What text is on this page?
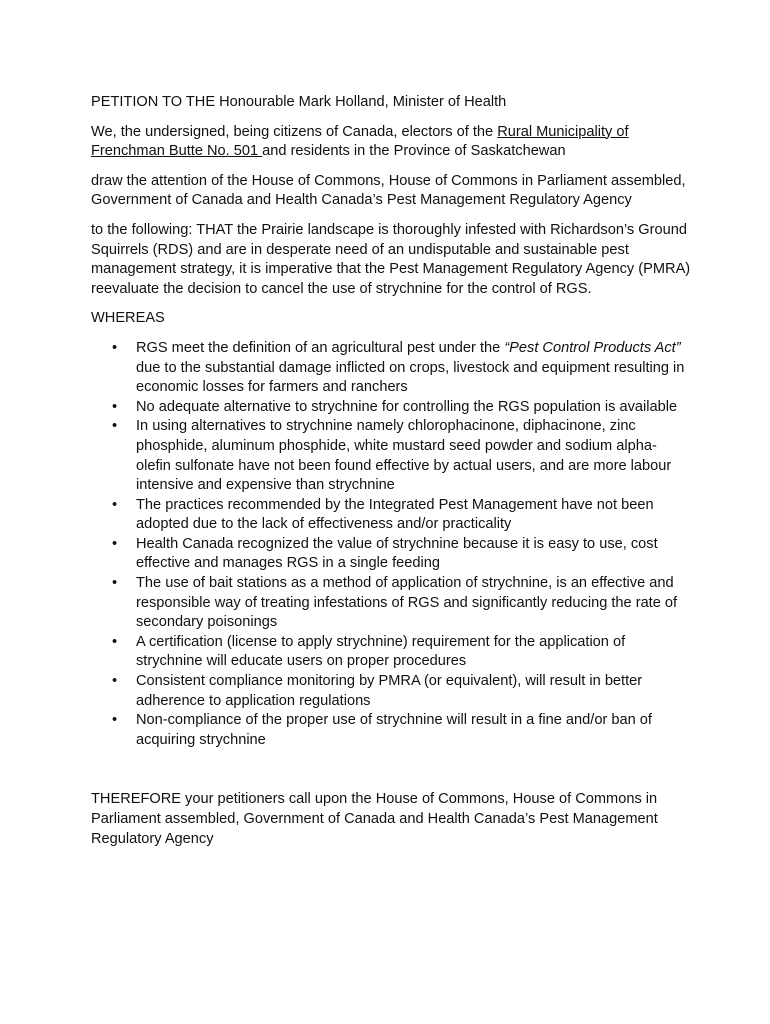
PETITION TO THE Honourable Mark Holland, Minister of Health

We, the undersigned, being citizens of Canada, electors of the Rural Municipality of Frenchman Butte No. 501 and residents in the Province of Saskatchewan

draw the attention of the House of Commons, House of Commons in Parliament assembled, Government of Canada and Health Canada’s Pest Management Regulatory Agency

to the following: THAT the Prairie landscape is thoroughly infested with Richardson’s Ground Squirrels (RDS) and are in desperate need of an undisputable and sustainable pest management strategy, it is imperative that the Pest Management Regulatory Agency (PMRA) reevaluate the decision to cancel the use of strychnine for the control of RGS.

WHEREAS

• RGS meet the definition of an agricultural pest under the “Pest Control Products Act” due to the substantial damage inflicted on crops, livestock and equipment resulting in economic losses for farmers and ranchers
• No adequate alternative to strychnine for controlling the RGS population is available
• In using alternatives to strychnine namely chlorophacinone, diphacinone, zinc phosphide, aluminum phosphide, white mustard seed powder and sodium alpha-olefin sulfonate have not been found effective by actual users, and are more labour intensive and expensive than strychnine
• The practices recommended by the Integrated Pest Management have not been adopted due to the lack of effectiveness and/or practicality
• Health Canada recognized the value of strychnine because it is easy to use, cost effective and manages RGS in a single feeding
• The use of bait stations as a method of application of strychnine, is an effective and responsible way of treating infestations of RGS and significantly reducing the rate of secondary poisonings
• A certification (license to apply strychnine) requirement for the application of strychnine will educate users on proper procedures
• Consistent compliance monitoring by PMRA (or equivalent), will result in better adherence to application regulations
• Non-compliance of the proper use of strychnine will result in a fine and/or ban of acquiring strychnine

THEREFORE your petitioners call upon the House of Commons, House of Commons in Parliament assembled, Government of Canada and Health Canada’s Pest Management Regulatory Agency
